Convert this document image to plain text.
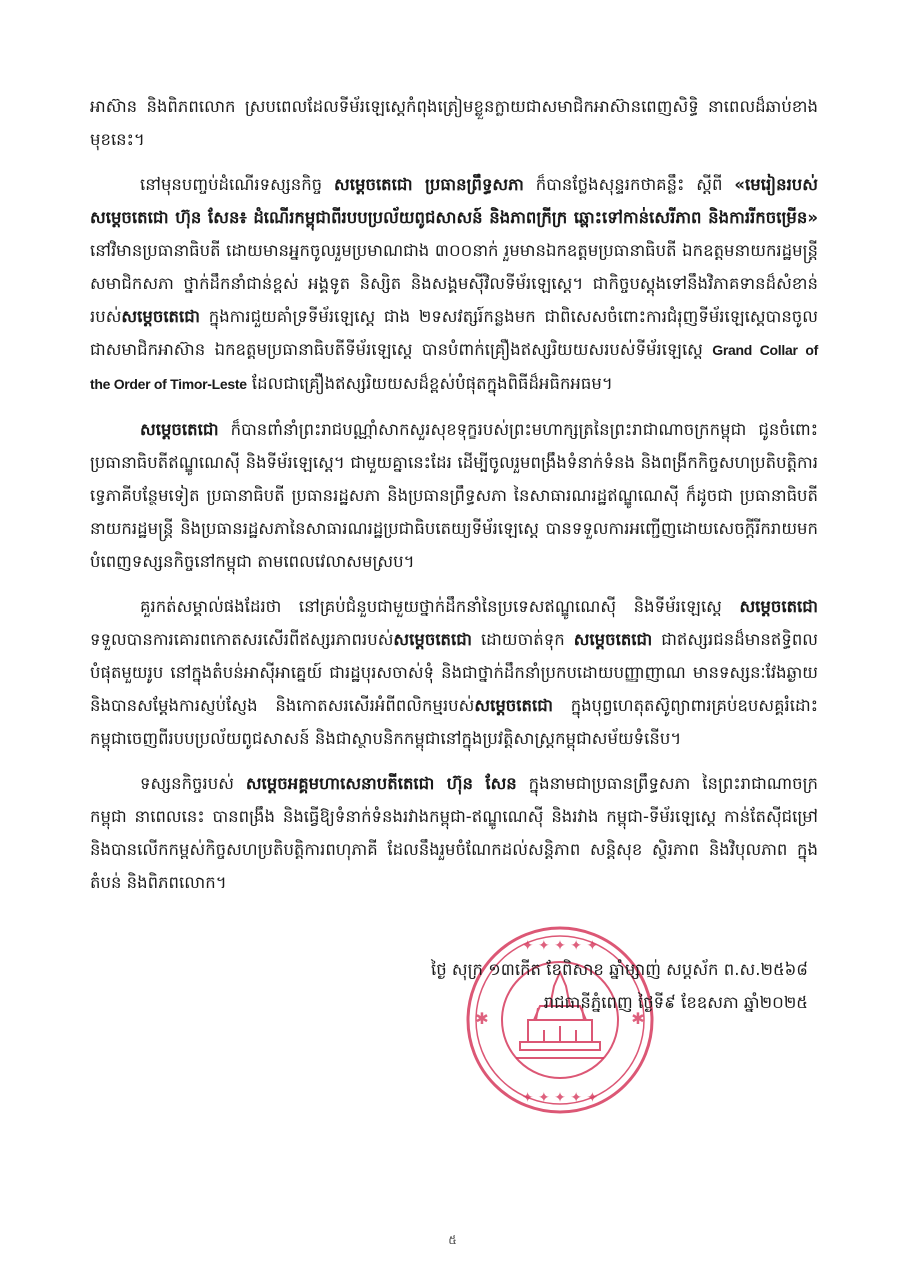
អាស៊ាន និងពិភពលោក ស្របពេលដែលទីម័រឡេស្តេកំពុងត្រៀមខ្លួនក្លាយជាសមាជិកអាស៊ានពេញសិទ្ធិ នាពេលដ៏ឆាប់ខាងមុខនេះ។

នៅមុនបញ្ចប់ដំណើរទស្សនកិច្ច សម្ដេចតេជោ ប្រធានព្រឹទ្ធសភា ក៏បានថ្លែងសុន្ទរកថាគន្លឹះ ស្ដីពី «មេរៀនរបស់ សម្ដេចតេជោ ហ៊ុន សែន៖ ដំណើរកម្ពុជាពីរបបប្រល័យពូជសាសន៍ និងភាពក្រីក្រ ឆ្ពោះទៅកាន់សេរីភាព និងការរីកចម្រើន» នៅវិមានប្រធានាធិបតី ដោយមានអ្នកចូលរួមប្រមាណជាង ៣០០នាក់ រួមមានឯកឧត្តមប្រធានាធិបតី ឯកឧត្តមនាយករដ្ឋមន្ត្រី សមាជិកសភា ថ្នាក់ដឹកនាំជាន់ខ្ពស់ អង្គទូត និស្សិត និងសង្គមស៊ីវិលទីម័រឡេស្តេ។ ជាកិច្ចបស្តុងទៅនឹងវិភាគទានដ៏សំខាន់របស់សម្ដេចតេជោ ក្នុងការជួយគាំទ្រទីម័រឡេស្តេ ជាង ២ទសវត្សរ៍កន្លងមក ជាពិសេសចំពោះការជំរុញទីម័រឡេស្តេបានចូលជាសមាជិកអាស៊ាន ឯកឧត្តមប្រធានាធិបតីទីម័រឡេស្តេ បានបំពាក់គ្រឿងឥស្សរិយយសរបស់ទីម័រឡេស្តេ Grand Collar of the Order of Timor-Leste ដែលជាគ្រឿងឥស្សរិយយសដ៏ខ្ពស់បំផុតក្នុងពិធីដ៏អធិកអធម។

សម្ដេចតេជោ ក៏បានពាំនាំព្រះរាជបណ្ណាំសាកសួរសុខទុក្ខរបស់ព្រះមហាក្សត្រនៃព្រះរាជាណាចក្រកម្ពុជា ជូនចំពោះប្រធានាធិបតីឥណ្ឌូណេស៊ី និងទីម័រឡេស្តេ។ ជាមួយគ្នានេះដែរ ដើម្បីចូលរួមពង្រឹងទំនាក់ទំនង និងពង្រីកកិច្ចសហប្រតិបត្តិការទ្វេភាគីបន្ថែមទៀត ប្រធានាធិបតី ប្រធានរដ្ឋសភា និងប្រធានព្រឹទ្ធសភា នៃសាធារណរដ្ឋឥណ្ឌូណេស៊ី ក៏ដូចជា ប្រធានាធិបតី នាយករដ្ឋមន្ត្រី និងប្រធានរដ្ឋសភានៃសាធារណរដ្ឋប្រជាធិបតេយ្យទីម័រឡេស្តេ បានទទួលការអញ្ជើញដោយសេចក្ដីរីករាយមកបំពេញទស្សនកិច្ចនៅកម្ពុជា តាមពេលវេលាសមស្រប។

គួរកត់សម្គាល់ផងដែរថា នៅគ្រប់ជំនួបជាមួយថ្នាក់ដឹកនាំនៃប្រទេសឥណ្ឌូណេស៊ី និងទីម័រឡេស្តេ សម្ដេចតេជោ ទទួលបានការគោរពកោតសរសើរពីឥស្សរភាពរបស់សម្ដេចតេជោ ដោយចាត់ទុក សម្ដេចតេជោ ជាឥស្សរជនដ៏មានឥទ្ធិពលបំផុតមួយរូប នៅក្នុងតំបន់អាស៊ីអាគ្នេយ៍ ជារដ្ឋបុរសចាស់ទុំ និងជាថ្នាក់ដឹកនាំប្រកបដោយបញ្ញាញាណ មានទស្សនៈវែងឆ្ងាយ និងបានសម្ដែងការស្ញប់ស្ញែង និងកោតសរសើរអំពីពលិកម្មរបស់សម្ដេចតេជោ ក្នុងបុព្វហេតុតស៊ូព្យាពារគ្រប់ឧបសគ្គរំដោះកម្ពុជាចេញពីរបបប្រល័យពូជសាសន៍ និងជាស្ថាបនិកកម្ពុជានៅក្នុងប្រវត្តិសាស្ត្រកម្ពុជាសម័យទំនើប។

ទស្សនកិច្ចរបស់ សម្ដេចអគ្គមហាសេនាបតីតេជោ ហ៊ុន សែន ក្នុងនាមជាប្រធានព្រឹទ្ធសភា នៃព្រះរាជាណាចក្រកម្ពុជា នាពេលនេះ បានពង្រឹង និងធ្វើឱ្យទំនាក់ទំនងរវាងកម្ពុជា-ឥណ្ឌូណេស៊ី និងរវាង កម្ពុជា-ទីម័រឡេស្តេ កាន់តែស៊ីជម្រៅ និងបានលើកកម្ពស់កិច្ចសហប្រតិបត្តិការពហុភាគី ដែលនឹងរួមចំណែកដល់សន្តិភាព សន្តិសុខ ស្ថិរភាព និងវិបុលភាព ក្នុងតំបន់ និងពិភពលោក។

✦ ✦ ✦ ✦ ✦
✦ ✦ ✦ ✦ ✦
✱	✱
ថ្ងៃ សុក្រ ១៣កើត ខែពិសាខ ឆ្នាំម្សាញ់ សប្តស័ក ព.ស.២៥៦៨
រាជធានីភ្នំពេញ ថ្ងៃទី៩ ខែឧសភា ឆ្នាំ២០២៥
៥
